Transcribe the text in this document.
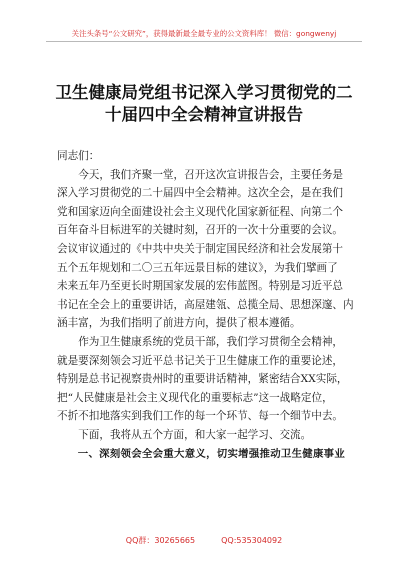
关注头条号“公文研究”，获得最新最全最专业的公文资料库！ 微信：gongwenyj
卫生健康局党组书记深入学习贯彻党的二
十届四中全会精神宣讲报告

同志们：

今天，我们齐聚一堂，召开这次宣讲报告会，主要任务是
深入学习贯彻党的二十届四中全会精神。这次全会，是在我们
党和国家迈向全面建设社会主义现代化国家新征程、向第二个
百年奋斗目标进军的关键时刻，召开的一次十分重要的会议。
会议审议通过的《中共中央关于制定国民经济和社会发展第十
五个五年规划和二〇三五年远景目标的建议》，为我们擘画了
未来五年乃至更长时期国家发展的宏伟蓝图。特别是习近平总
书记在全会上的重要讲话，高屋建瓴、总揽全局、思想深邃、内
涵丰富，为我们指明了前进方向，提供了根本遵循。

作为卫生健康系统的党员干部，我们学习贯彻全会精神，
就是要深刻领会习近平总书记关于卫生健康工作的重要论述，
特别是总书记视察贵州时的重要讲话精神，紧密结合XX实际，
把“人民健康是社会主义现代化的重要标志”这一战略定位，
不折不扣地落实到我们工作的每一个环节、每一个细节中去。

下面，我将从五个方面，和大家一起学习、交流。

一、深刻领会全会重大意义，切实增强推动卫生健康事业

QQ群：30265665	QQ:535304092
